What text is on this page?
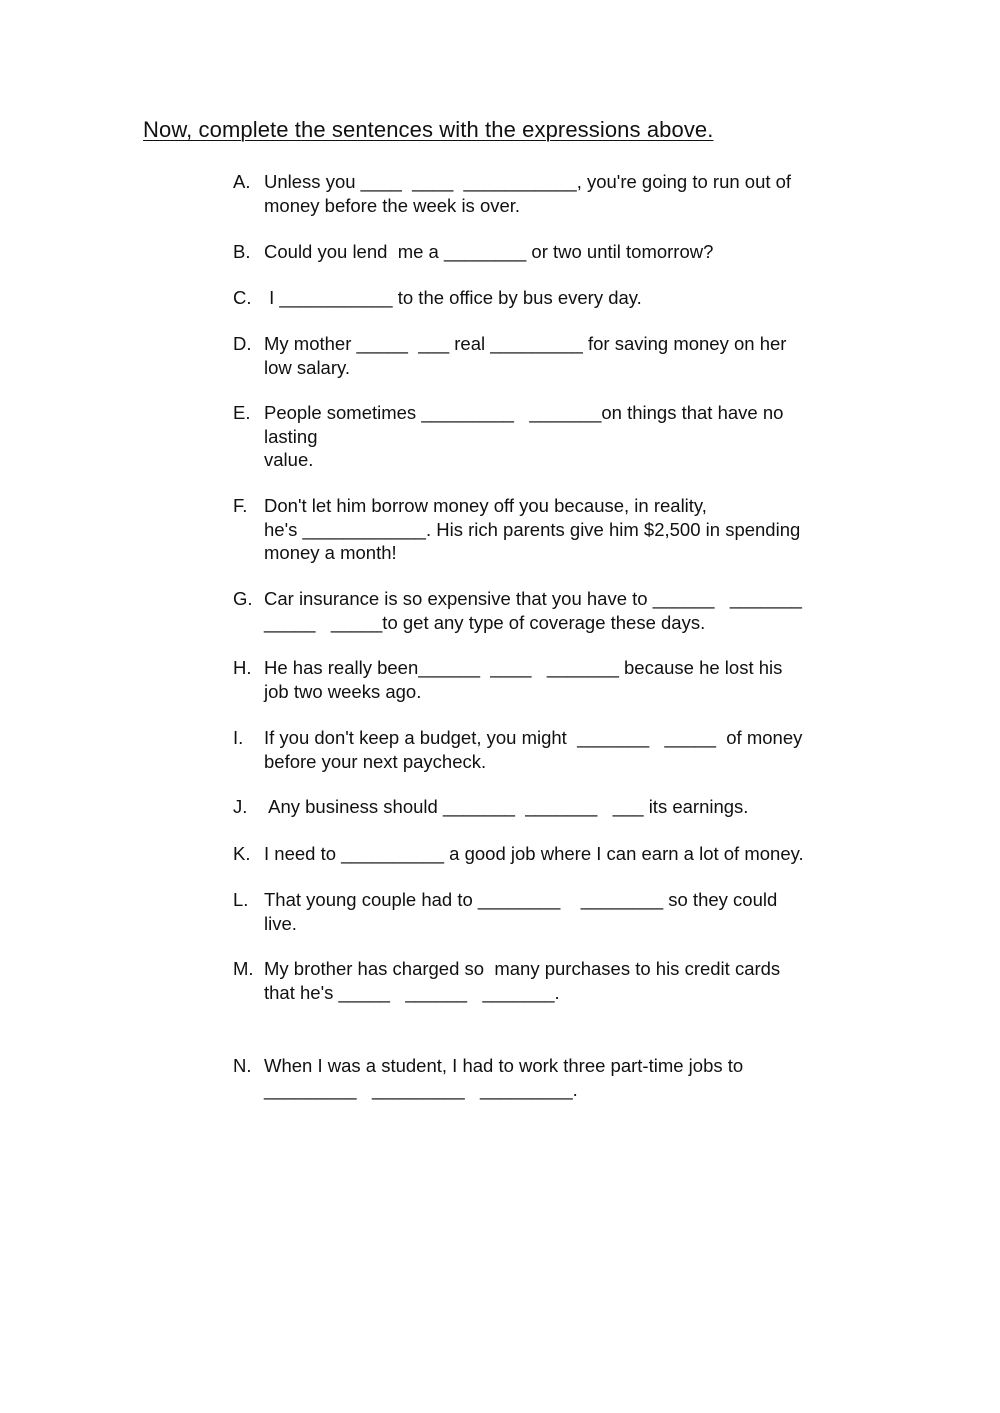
Now, complete the sentences with the expressions above.
A. Unless you ____  ____  ___________, you're going to run out of
money before the week is over.
B. Could you lend  me a ________ or two until tomorrow?
C. I ___________ to the office by bus every day.
D. My mother _____  ___ real _________ for saving money on her
low salary.
E. People sometimes _________   _______on things that have no
lasting
value.
F. Don't let him borrow money off you because, in reality,
he's ____________. His rich parents give him $2,500 in spending
money a month!
G. Car insurance is so expensive that you have to ______   _______
_____   _____to get any type of coverage these days.
H. He has really been______  ____   _______ because he lost his
job two weeks ago.
I. If you don't keep a budget, you might  _______   _____  of money
before your next paycheck.
J. Any business should _______  _______   ___ its earnings.
K. I need to __________ a good job where I can earn a lot of money.
L. That young couple had to ________    ________ so they could
live.
M. My brother has charged so  many purchases to his credit cards
that he's _____   ______   _______.
N. When I was a student, I had to work three part-time jobs to
_________   _________   _________.
